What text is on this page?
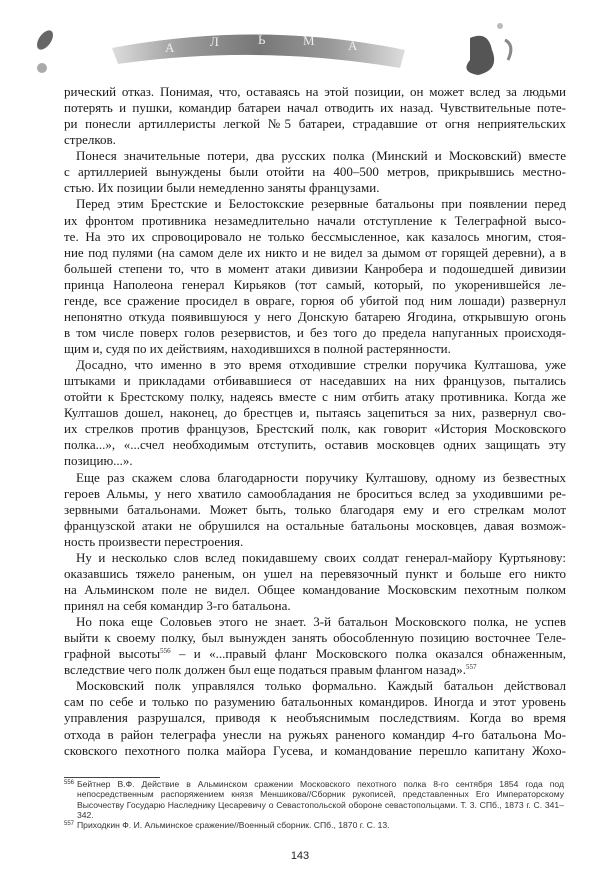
А	Л	Ь	М	А
рический отказ. Понимая, что, оставаясь на этой позиции, он может вслед за людьми
потерять и пушки, командир батареи начал отводить их назад. Чувствительные поте-
ри понесли артиллеристы легкой №5 батареи, страдавшие от огня неприятельских
стрелков.
Понеся значительные потери, два русских полка (Минский и Московский) вместе
с артиллерией вынуждены были отойти на 400–500 метров, прикрывшись местно-
стью. Их позиции были немедленно заняты французами.
Перед этим Брестские и Белостокские резервные батальоны при появлении перед
их фронтом противника незамедлительно начали отступление к Телеграфной высо-
те. На это их спровоцировало не только бессмысленное, как казалось многим, стоя-
ние под пулями (на самом деле их никто и не видел за дымом от горящей деревни), а в
большей степени то, что в момент атаки дивизии Канробера и подошедшей дивизии
принца Наполеона генерал Кирьяков (тот самый, который, по укоренившейся ле-
генде, все сражение просидел в овраге, горюя об убитой под ним лошади) развернул
непонятно откуда появившуюся у него Донскую батарею Ягодина, открывшую огонь
в том числе поверх голов резервистов, и без того до предела напуганных происходя-
щим и, судя по их действиям, находившихся в полной растерянности.
Досадно, что именно в это время отходившие стрелки поручика Култашова, уже
штыками и прикладами отбивавшиеся от наседавших на них французов, пытались
отойти к Брестскому полку, надеясь вместе с ним отбить атаку противника. Когда же
Култашов дошел, наконец, до брестцев и, пытаясь зацепиться за них, развернул сво-
их стрелков против французов, Брестский полк, как говорит «История Московского
полка...», «...счел необходимым отступить, оставив московцев одних защищать эту
позицию...».
Еще раз скажем слова благодарности поручику Култашову, одному из безвестных
героев Альмы, у него хватило самообладания не броситься вслед за уходившими ре-
зервными батальонами. Может быть, только благодаря ему и его стрелкам молот
французской атаки не обрушился на остальные батальоны московцев, давая возмож-
ность произвести перестроения.
Ну и несколько слов вслед покидавшему своих солдат генерал-майору Куртьянову:
оказавшись тяжело раненым, он ушел на перевязочный пункт и больше его никто
на Альминском поле не видел. Общее командование Московским пехотным полком
принял на себя командир 3-го батальона.
Но пока еще Соловьев этого не знает. 3-й батальон Московского полка, не успев
выйти к своему полку, был вынужден занять обособленную позицию восточнее Теле-
графной высоты$^{556}$ – и «...правый фланг Московского полка оказался обнаженным,
вследствие чего полк должен был еще податься правым флангом назад».$^{557}$
Московский полк управлялся только формально. Каждый батальон действовал
сам по себе и только по разумению батальонных командиров. Иногда и этот уровень
управления разрушался, приводя к необъяснимым последствиям. Когда во время
отхода в район телеграфа унесли на ружьях раненого командир 4-го батальона Мо-
сковского пехотного полка майора Гусева, и командование перешло капитану Жохо-
556 Бейтнер В.Ф. Действие в Альминском сражении Московского пехотного полка 8-го сентября 1854 года под непосредственным распоряжением князя Меншикова//Сборник рукописей, представленных Его Императорскому Высочеству Государю Наследнику Цесаревичу о Севастопольской обороне севастопольцами. Т. 3. СПб., 1873 г. С. 341–342.
557 Приходкин Ф. И. Альминское сражение//Военный сборник. СПб., 1870 г. С. 13.
143
